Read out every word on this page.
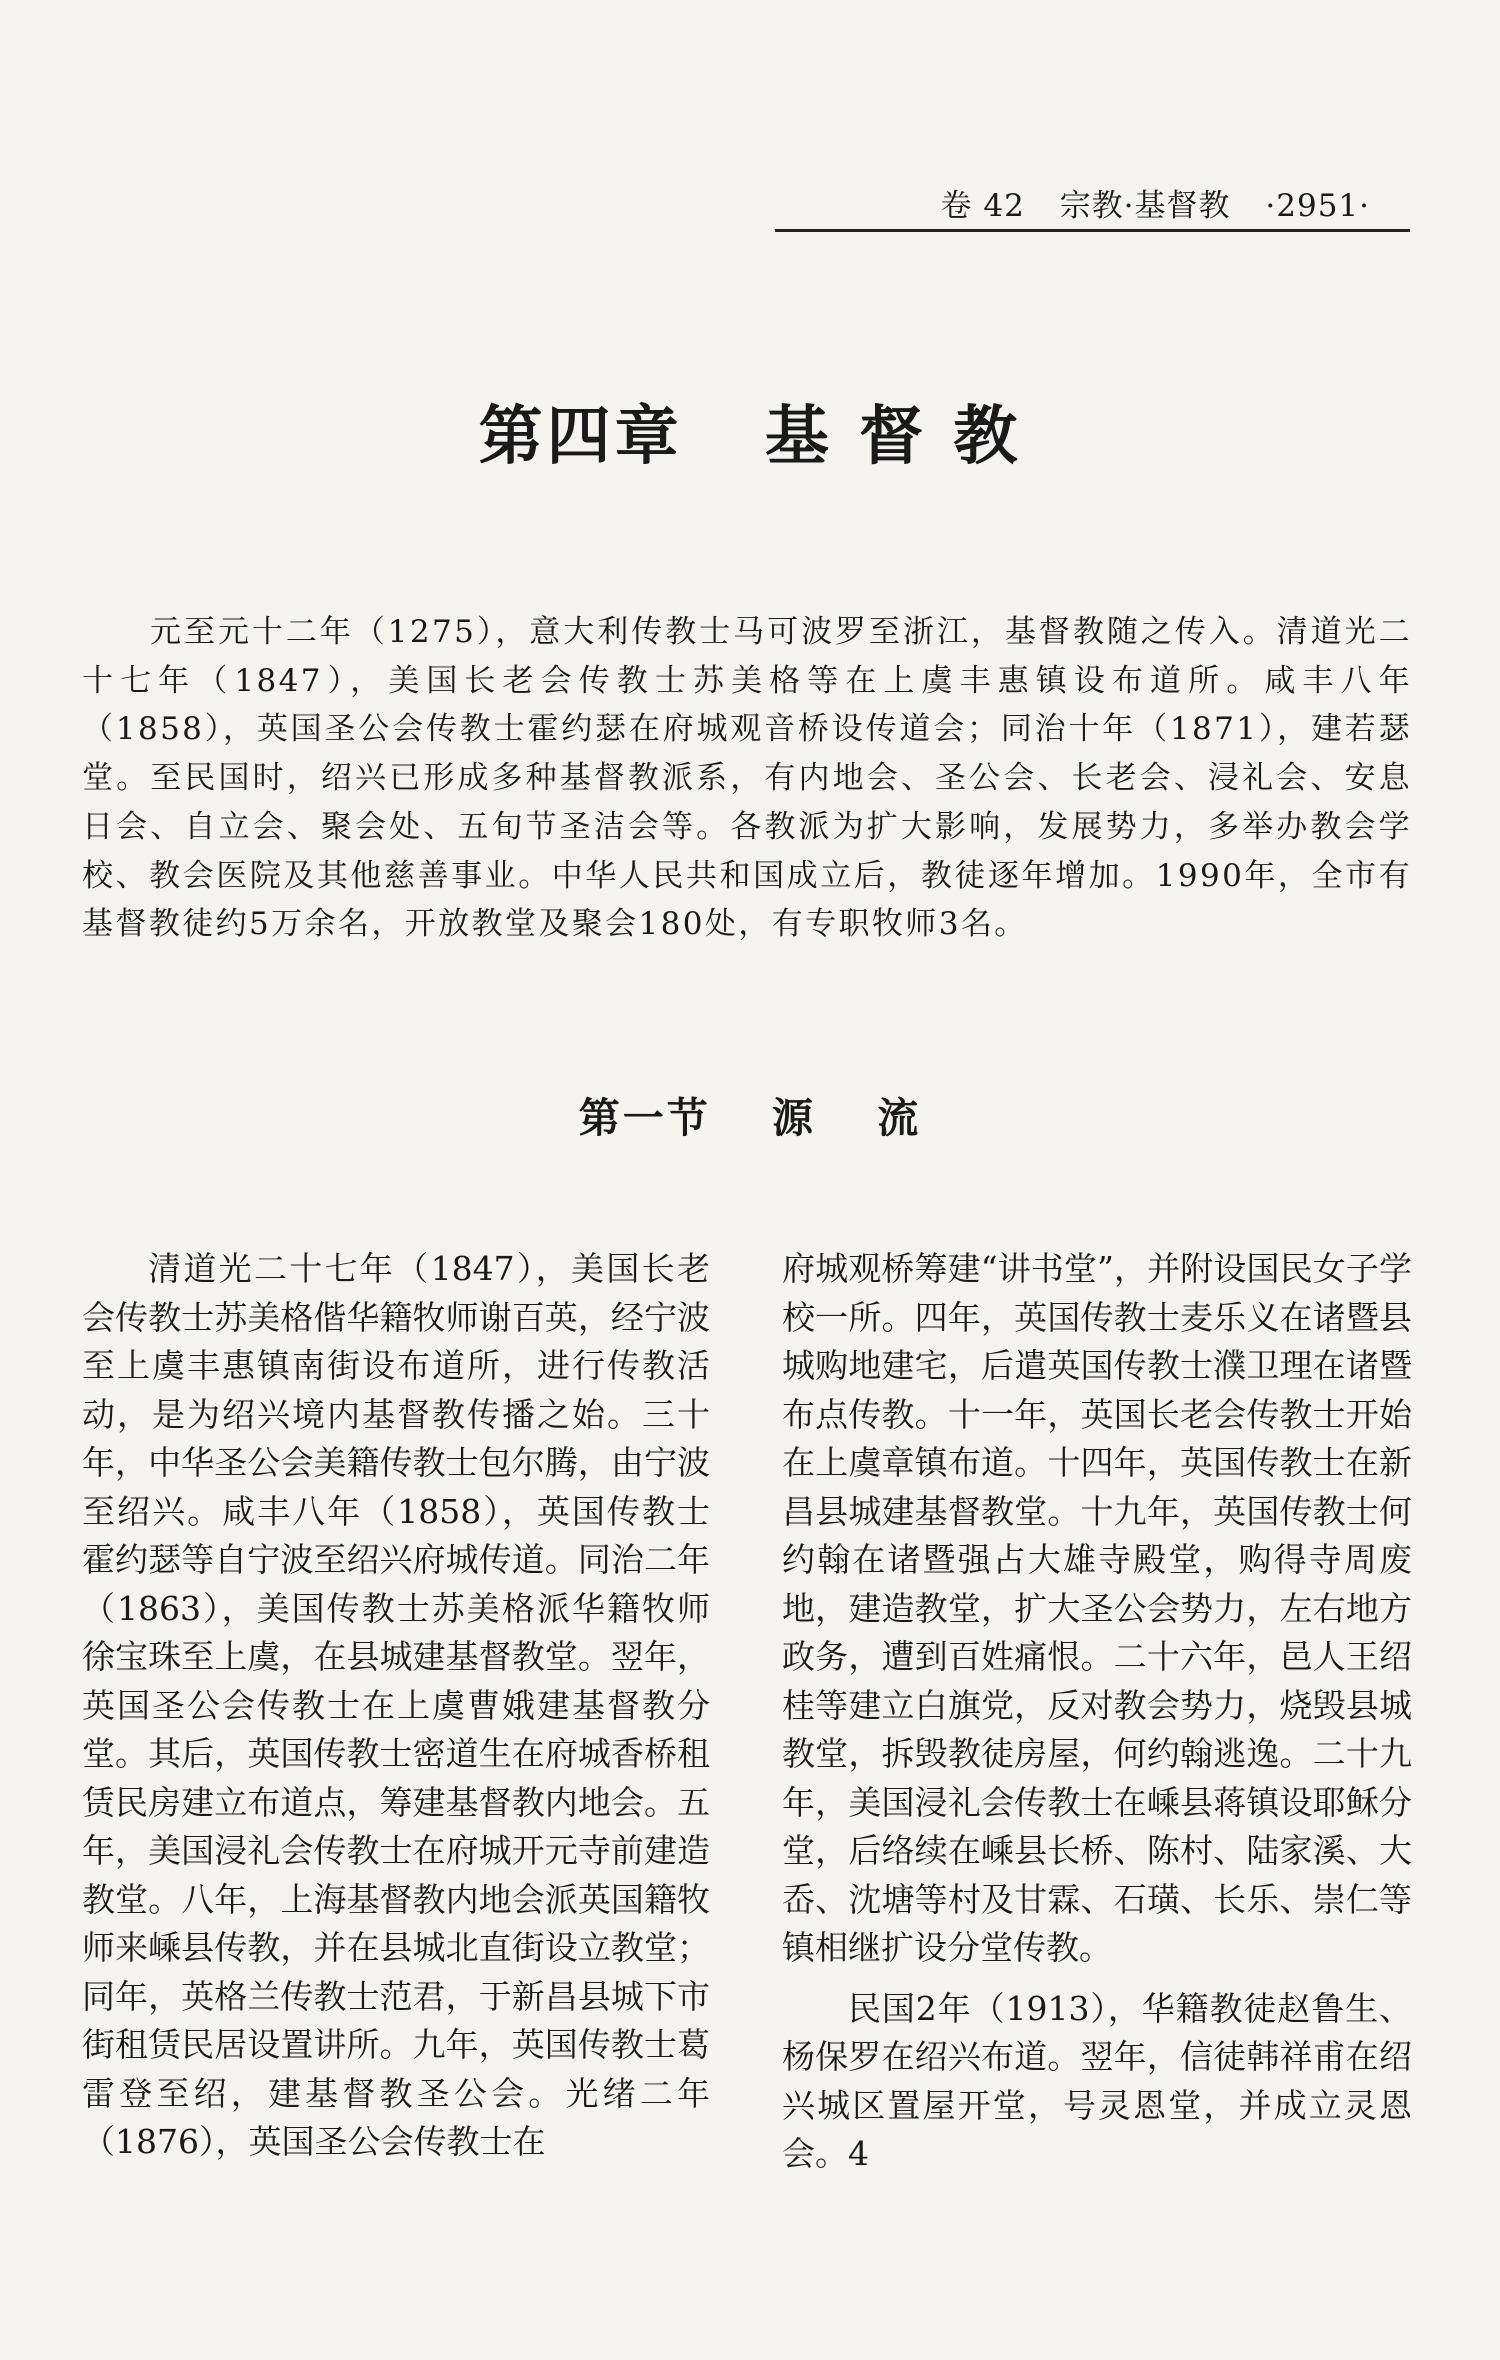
卷 42 宗教·基督教 ·2951·
第四章 基 督 教

元至元十二年（1275），意大利传教士马可波罗至浙江，基督教随之传入。清道光二十七年（1847），美国长老会传教士苏美格等在上虞丰惠镇设布道所。咸丰八年（1858），英国圣公会传教士霍约瑟在府城观音桥设传道会；同治十年（1871），建若瑟堂。至民国时，绍兴已形成多种基督教派系，有内地会、圣公会、长老会、浸礼会、安息日会、自立会、聚会处、五旬节圣洁会等。各教派为扩大影响，发展势力，多举办教会学校、教会医院及其他慈善事业。中华人民共和国成立后，教徒逐年增加。1990年，全市有基督教徒约5万余名，开放教堂及聚会180处，有专职牧师3名。

第一节 源 流

清道光二十七年（1847），美国长老会传教士苏美格偕华籍牧师谢百英，经宁波至上虞丰惠镇南街设布道所，进行传教活动，是为绍兴境内基督教传播之始。三十年，中华圣公会美籍传教士包尔腾，由宁波至绍兴。咸丰八年（1858），英国传教士霍约瑟等自宁波至绍兴府城传道。同治二年（1863），美国传教士苏美格派华籍牧师徐宝珠至上虞，在县城建基督教堂。翌年，英国圣公会传教士在上虞曹娥建基督教分堂。其后，英国传教士密道生在府城香桥租赁民房建立布道点，筹建基督教内地会。五年，美国浸礼会传教士在府城开元寺前建造教堂。八年，上海基督教内地会派英国籍牧师来嵊县传教，并在县城北直街设立教堂；同年，英格兰传教士范君，于新昌县城下市街租赁民居设置讲所。九年，英国传教士葛雷登至绍，建基督教圣公会。光绪二年（1876），英国圣公会传教士在

府城观桥筹建“讲书堂”，并附设国民女子学校一所。四年，英国传教士麦乐义在诸暨县城购地建宅，后遣英国传教士濮卫理在诸暨布点传教。十一年，英国长老会传教士开始在上虞章镇布道。十四年，英国传教士在新昌县城建基督教堂。十九年，英国传教士何约翰在诸暨强占大雄寺殿堂，购得寺周废地，建造教堂，扩大圣公会势力，左右地方政务，遭到百姓痛恨。二十六年，邑人王绍桂等建立白旗党，反对教会势力，烧毁县城教堂，拆毁教徒房屋，何约翰逃逸。二十九年，美国浸礼会传教士在嵊县蒋镇设耶稣分堂，后络续在嵊县长桥、陈村、陆家溪、大岙、沈塘等村及甘霖、石璜、长乐、崇仁等镇相继扩设分堂传教。

民国2年（1913），华籍教徒赵鲁生、杨保罗在绍兴布道。翌年，信徒韩祥甫在绍兴城区置屋开堂，号灵恩堂，并成立灵恩会。4
